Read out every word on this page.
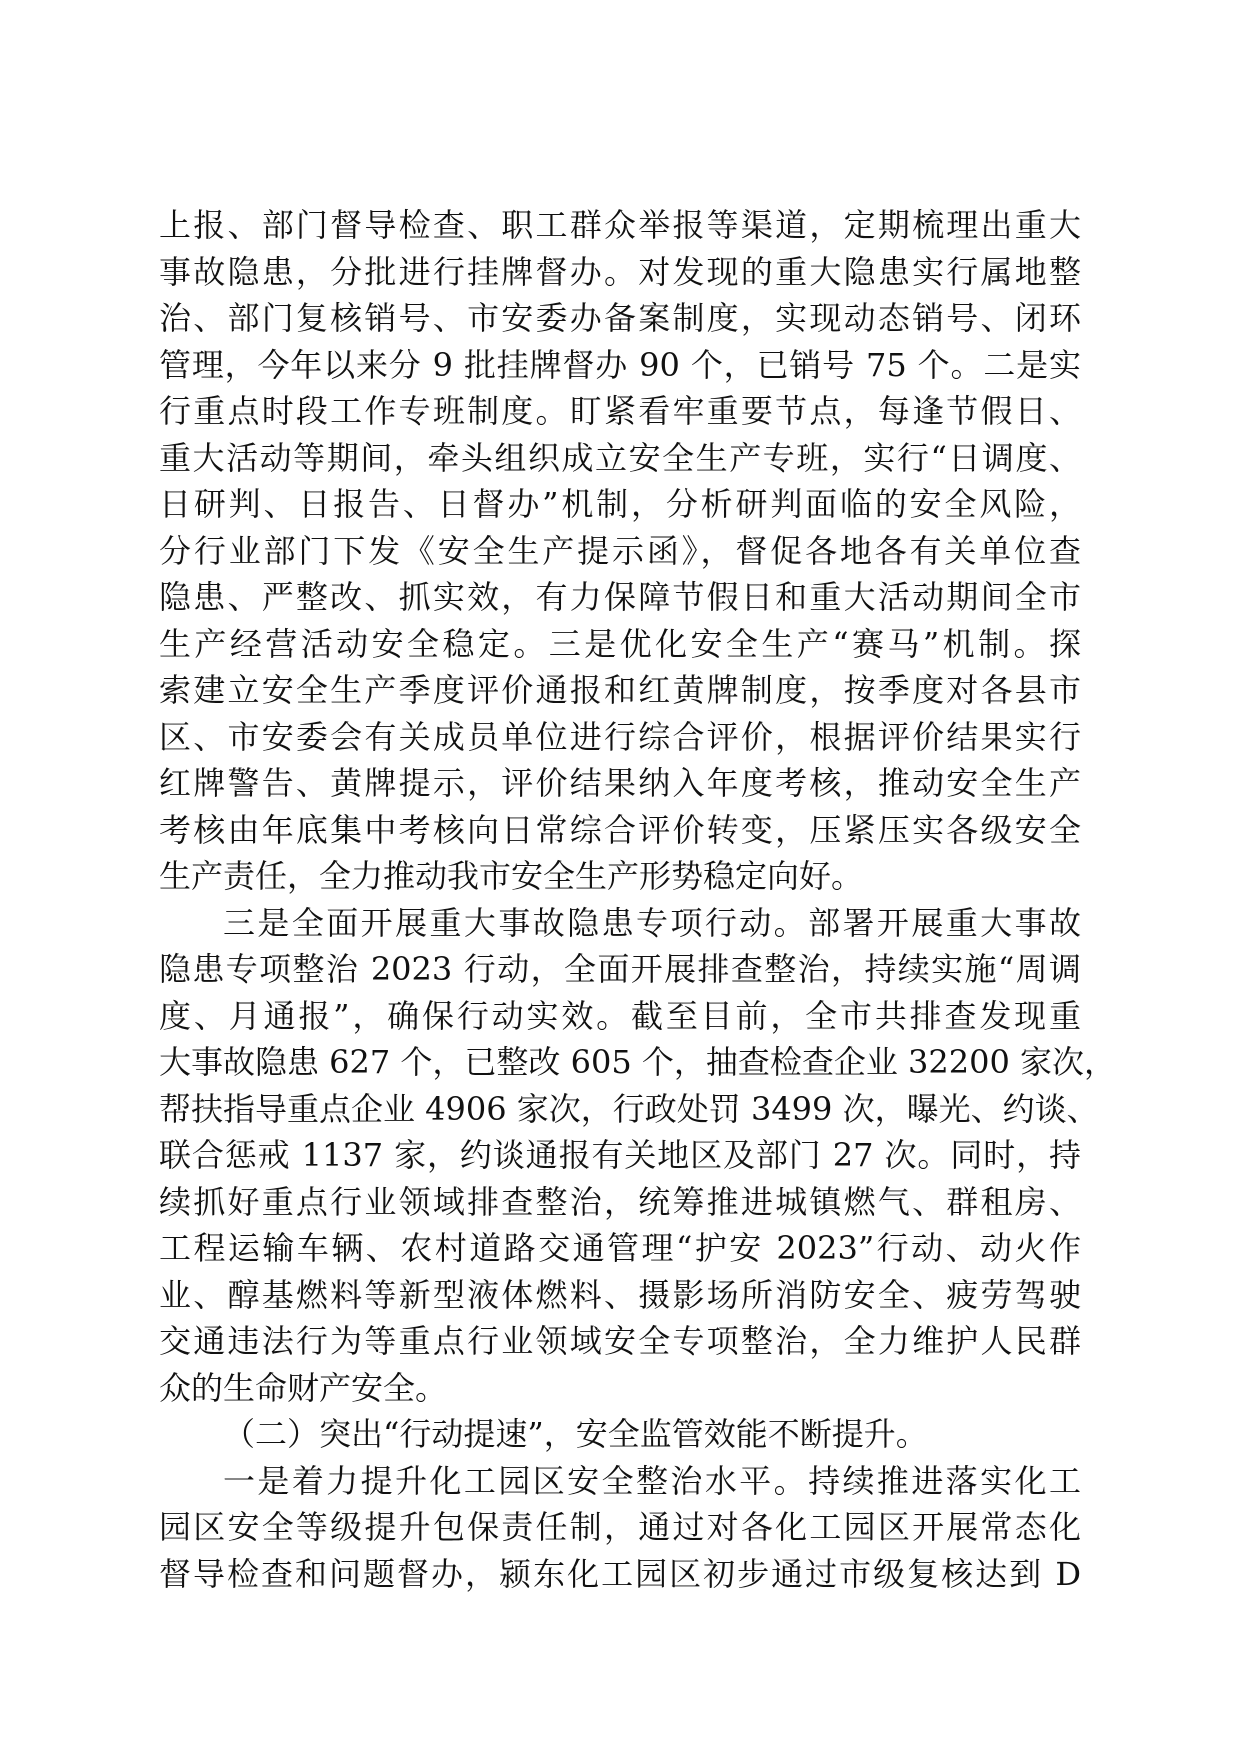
上报、部门督导检查、职工群众举报等渠道，定期梳理出重大
事故隐患，分批进行挂牌督办。对发现的重大隐患实行属地整
治、部门复核销号、市安委办备案制度，实现动态销号、闭环
管理，今年以来分 9 批挂牌督办 90 个，已销号 75 个。二是实
行重点时段工作专班制度。盯紧看牢重要节点，每逢节假日、
重大活动等期间，牵头组织成立安全生产专班，实行“日调度、
日研判、日报告、日督办”机制，分析研判面临的安全风险，
分行业部门下发《安全生产提示函》，督促各地各有关单位查
隐患、严整改、抓实效，有力保障节假日和重大活动期间全市
生产经营活动安全稳定。三是优化安全生产“赛马”机制。探
索建立安全生产季度评价通报和红黄牌制度，按季度对各县市
区、市安委会有关成员单位进行综合评价，根据评价结果实行
红牌警告、黄牌提示，评价结果纳入年度考核，推动安全生产
考核由年底集中考核向日常综合评价转变，压紧压实各级安全
生产责任，全力推动我市安全生产形势稳定向好。
三是全面开展重大事故隐患专项行动。部署开展重大事故
隐患专项整治 2023 行动，全面开展排查整治，持续实施“周调
度、月通报”，确保行动实效。截至目前，全市共排查发现重
大事故隐患 627 个，已整改 605 个，抽查检查企业 32200 家次，
帮扶指导重点企业 4906 家次，行政处罚 3499 次，曝光、约谈、
联合惩戒 1137 家，约谈通报有关地区及部门 27 次。同时，持
续抓好重点行业领域排查整治，统筹推进城镇燃气、群租房、
工程运输车辆、农村道路交通管理“护安 2023”行动、动火作
业、醇基燃料等新型液体燃料、摄影场所消防安全、疲劳驾驶
交通违法行为等重点行业领域安全专项整治，全力维护人民群
众的生命财产安全。
（二）突出“行动提速”，安全监管效能不断提升。
一是着力提升化工园区安全整治水平。持续推进落实化工
园区安全等级提升包保责任制，通过对各化工园区开展常态化
督导检查和问题督办，颍东化工园区初步通过市级复核达到 D
